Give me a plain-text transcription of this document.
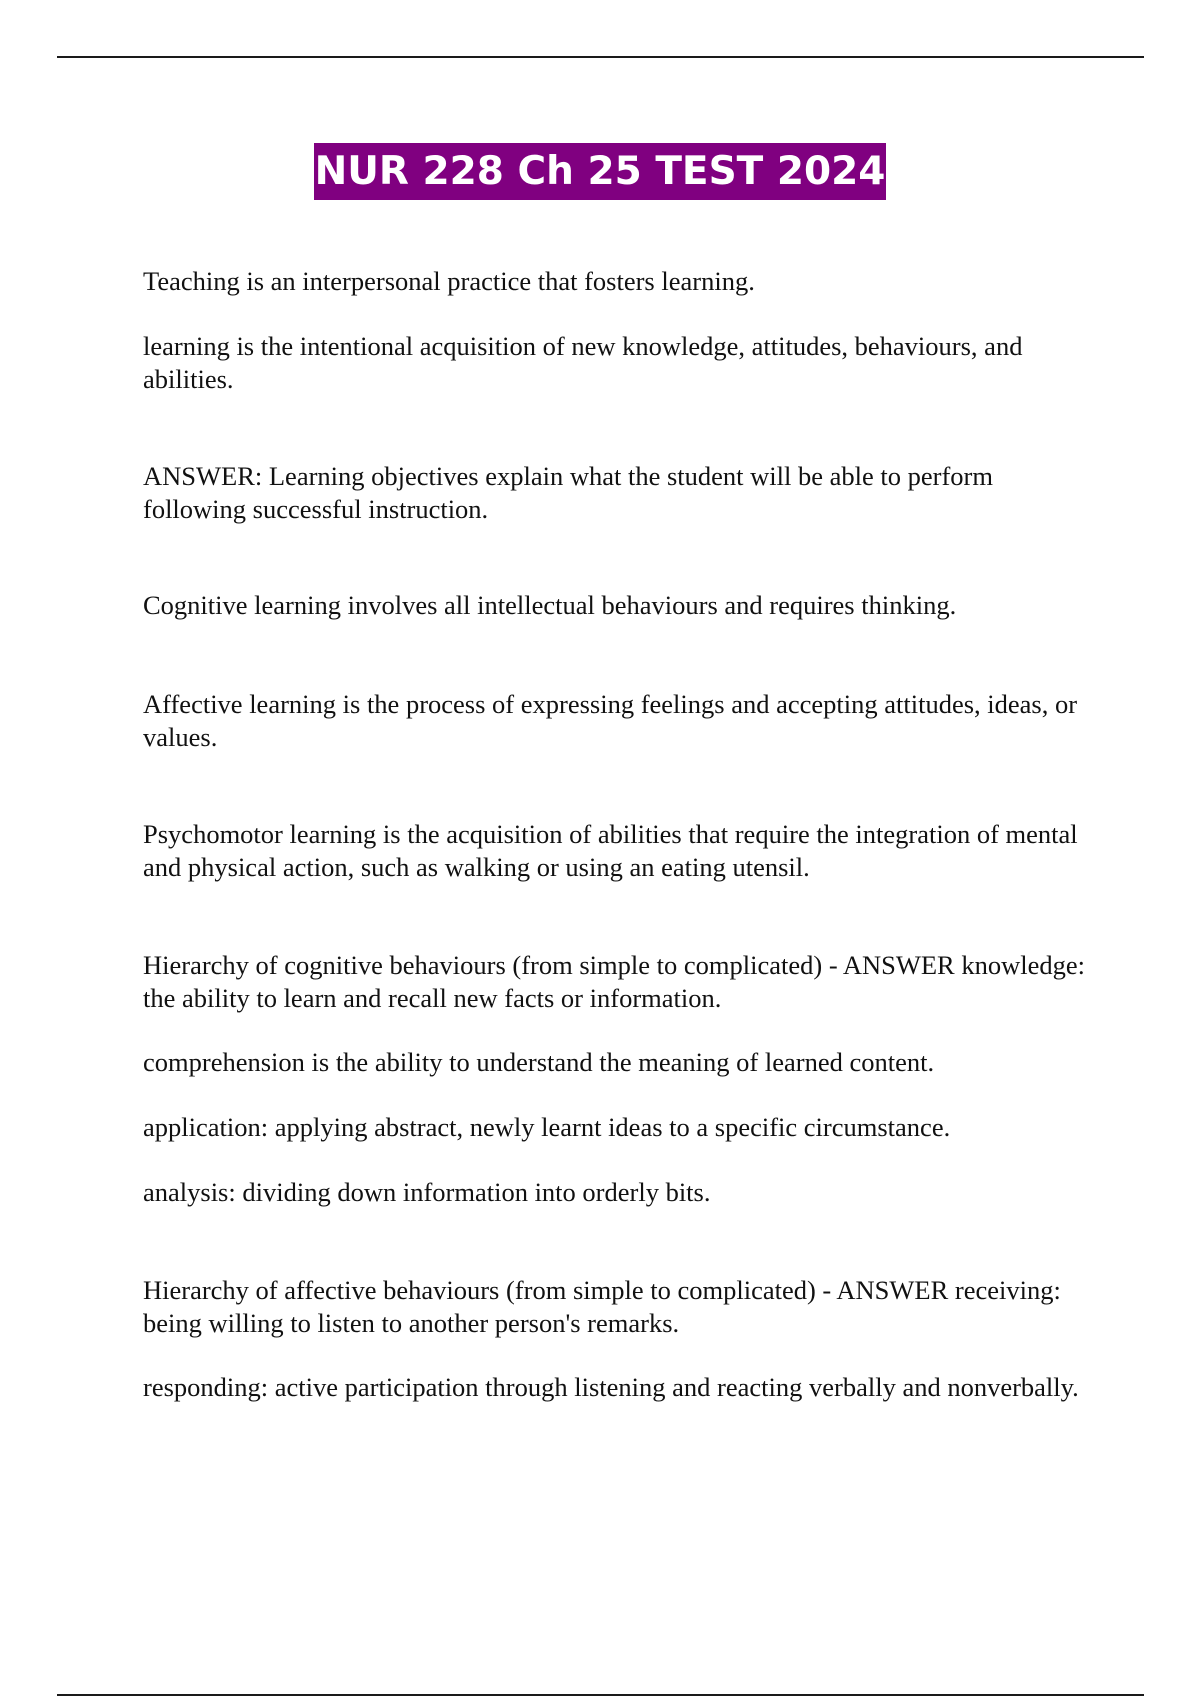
NUR 228 Ch 25 TEST 2024

Teaching is an interpersonal practice that fosters learning.

learning is the intentional acquisition of new knowledge, attitudes, behaviours, and abilities.

ANSWER: Learning objectives explain what the student will be able to perform following successful instruction.

Cognitive learning involves all intellectual behaviours and requires thinking.

Affective learning is the process of expressing feelings and accepting attitudes, ideas, or values.

Psychomotor learning is the acquisition of abilities that require the integration of mental and physical action, such as walking or using an eating utensil.

Hierarchy of cognitive behaviours (from simple to complicated) - ANSWER knowledge: the ability to learn and recall new facts or information.

comprehension is the ability to understand the meaning of learned content.

application: applying abstract, newly learnt ideas to a specific circumstance.

analysis: dividing down information into orderly bits.

Hierarchy of affective behaviours (from simple to complicated) - ANSWER receiving: being willing to listen to another person's remarks.

responding: active participation through listening and reacting verbally and nonverbally.
